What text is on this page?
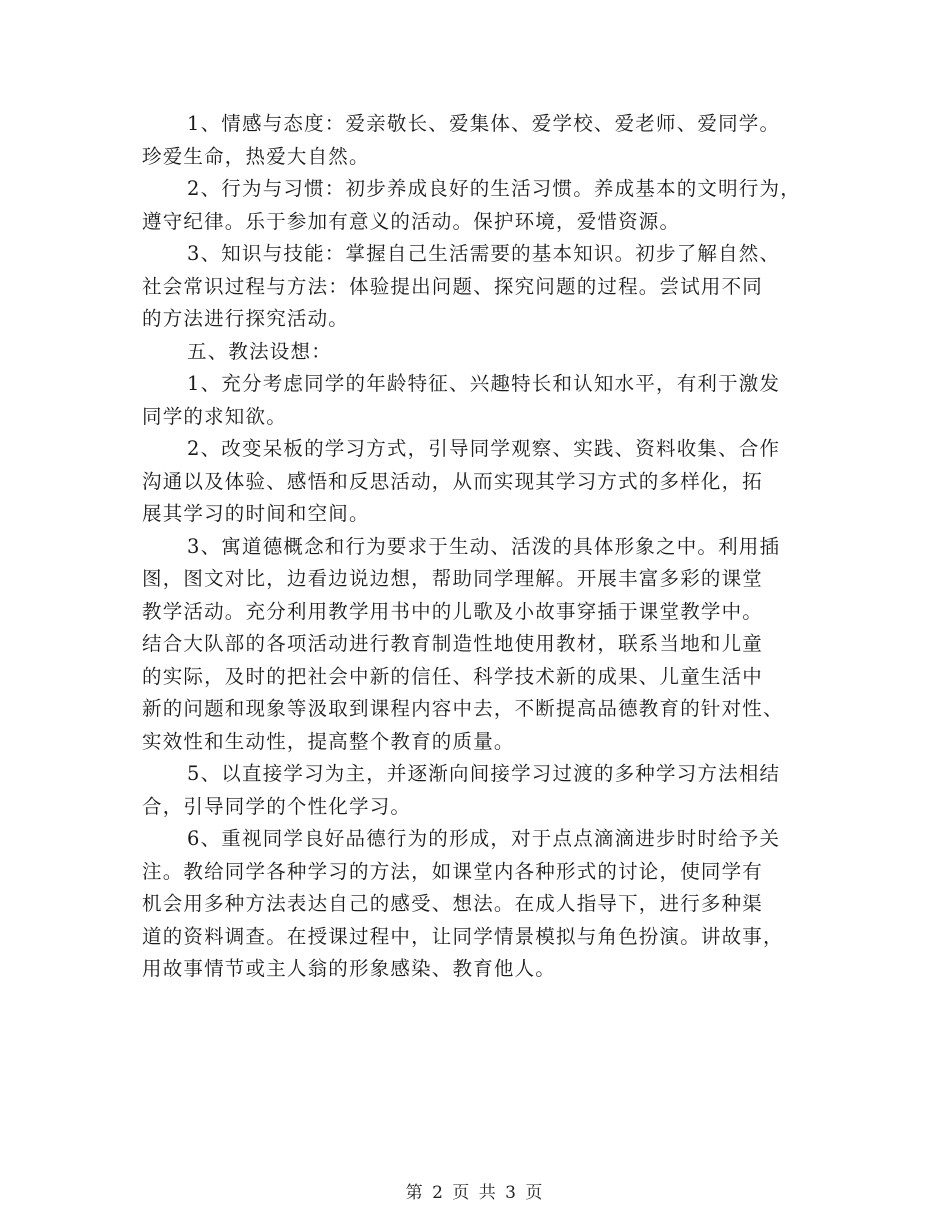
1、情感与态度：爱亲敬长、爱集体、爱学校、爱老师、爱同学。
珍爱生命，热爱大自然。

2、行为与习惯：初步养成良好的生活习惯。养成基本的文明行为，
遵守纪律。乐于参加有意义的活动。保护环境，爱惜资源。

3、知识与技能：掌握自己生活需要的基本知识。初步了解自然、
社会常识过程与方法：体验提出问题、探究问题的过程。尝试用不同
的方法进行探究活动。

五、教法设想：

1、充分考虑同学的年龄特征、兴趣特长和认知水平，有利于激发
同学的求知欲。

2、改变呆板的学习方式，引导同学观察、实践、资料收集、合作
沟通以及体验、感悟和反思活动，从而实现其学习方式的多样化，拓
展其学习的时间和空间。

3、寓道德概念和行为要求于生动、活泼的具体形象之中。利用插
图，图文对比，边看边说边想，帮助同学理解。开展丰富多彩的课堂
教学活动。充分利用教学用书中的儿歌及小故事穿插于课堂教学中。
结合大队部的各项活动进行教育制造性地使用教材，联系当地和儿童
的实际，及时的把社会中新的信任、科学技术新的成果、儿童生活中
新的问题和现象等汲取到课程内容中去，不断提高品德教育的针对性、
实效性和生动性，提高整个教育的质量。

5、以直接学习为主，并逐渐向间接学习过渡的多种学习方法相结
合，引导同学的个性化学习。

6、重视同学良好品德行为的形成，对于点点滴滴进步时时给予关
注。教给同学各种学习的方法，如课堂内各种形式的讨论，使同学有
机会用多种方法表达自己的感受、想法。在成人指导下，进行多种渠
道的资料调查。在授课过程中，让同学情景模拟与角色扮演。讲故事，
用故事情节或主人翁的形象感染、教育他人。

第 2 页 共 3 页
